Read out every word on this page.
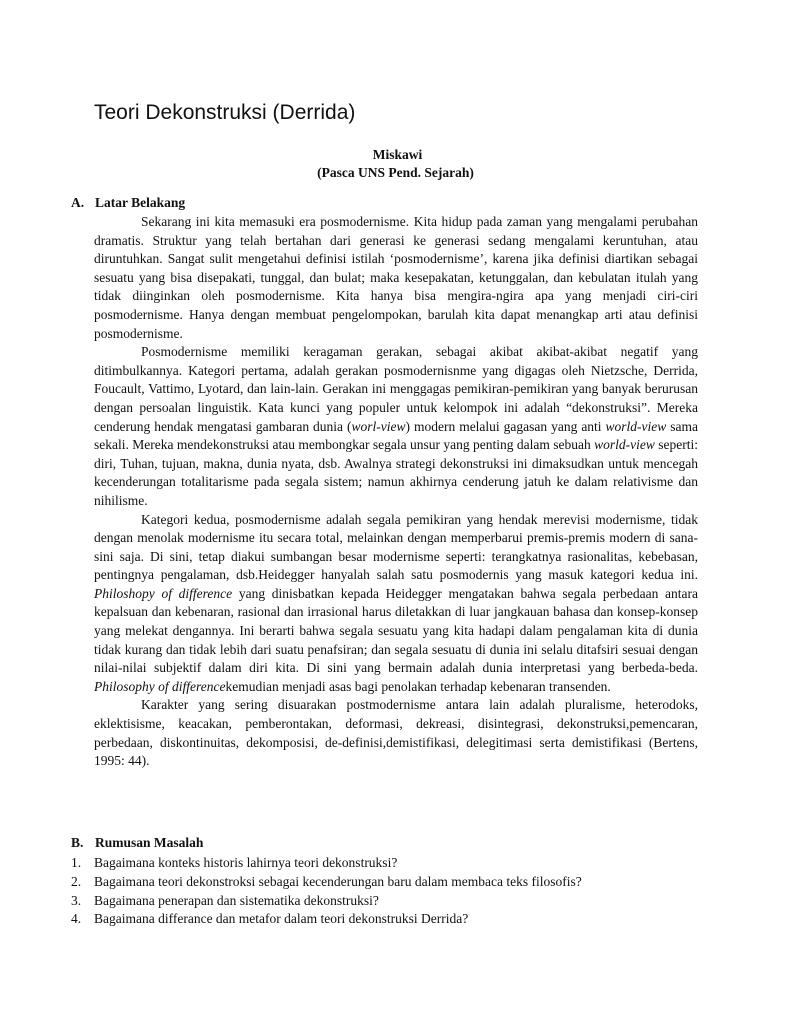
Teori Dekonstruksi (Derrida)

Miskawi

(Pasca UNS Pend. Sejarah)

A. Latar Belakang

Sekarang ini kita memasuki era posmodernisme. Kita hidup pada zaman yang mengalami perubahan dramatis. Struktur yang telah bertahan dari generasi ke generasi sedang mengalami keruntuhan, atau diruntuhkan. Sangat sulit mengetahui definisi istilah ‘posmodernisme’, karena jika definisi diartikan sebagai sesuatu yang bisa disepakati, tunggal, dan bulat; maka kesepakatan, ketunggalan, dan kebulatan itulah yang tidak diinginkan oleh posmodernisme. Kita hanya bisa mengira-ngira apa yang menjadi ciri-ciri posmodernisme. Hanya dengan membuat pengelompokan, barulah kita dapat menangkap arti atau definisi posmodernisme.

Posmodernisme memiliki keragaman gerakan, sebagai akibat akibat-akibat negatif yang ditimbulkannya. Kategori pertama, adalah gerakan posmodernisnme yang digagas oleh Nietzsche, Derrida, Foucault, Vattimo, Lyotard, dan lain-lain. Gerakan ini menggagas pemikiran-pemikiran yang banyak berurusan dengan persoalan linguistik. Kata kunci yang populer untuk kelompok ini adalah “dekonstruksi”. Mereka cenderung hendak mengatasi gambaran dunia (worl-view) modern melalui gagasan yang anti world-view sama sekali. Mereka mendekonstruksi atau membongkar segala unsur yang penting dalam sebuah world-view seperti: diri, Tuhan, tujuan, makna, dunia nyata, dsb. Awalnya strategi dekonstruksi ini dimaksudkan untuk mencegah kecenderungan totalitarisme pada segala sistem; namun akhirnya cenderung jatuh ke dalam relativisme dan nihilisme.

Kategori kedua, posmodernisme adalah segala pemikiran yang hendak merevisi modernisme, tidak dengan menolak modernisme itu secara total, melainkan dengan memperbarui premis-premis modern di sana-sini saja. Di sini, tetap diakui sumbangan besar modernisme seperti: terangkatnya rasionalitas, kebebasan, pentingnya pengalaman, dsb.Heidegger hanyalah salah satu posmodernis yang masuk kategori kedua ini. Philoshopy of difference yang dinisbatkan kepada Heidegger mengatakan bahwa segala perbedaan antara kepalsuan dan kebenaran, rasional dan irrasional harus diletakkan di luar jangkauan bahasa dan konsep-konsep yang melekat dengannya. Ini berarti bahwa segala sesuatu yang kita hadapi dalam pengalaman kita di dunia tidak kurang dan tidak lebih dari suatu penafsiran; dan segala sesuatu di dunia ini selalu ditafsiri sesuai dengan nilai-nilai subjektif dalam diri kita. Di sini yang bermain adalah dunia interpretasi yang berbeda-beda. Philosophy of differencekemudian menjadi asas bagi penolakan terhadap kebenaran transenden.

Karakter yang sering disuarakan postmodernisme antara lain adalah pluralisme, heterodoks, eklektisisme, keacakan, pemberontakan, deformasi, dekreasi, disintegrasi, dekonstruksi,pemencaran, perbedaan, diskontinuitas, dekomposisi, de-definisi,demistifikasi, delegitimasi serta demistifikasi (Bertens, 1995: 44).

B. Rumusan Masalah
1. Bagaimana konteks historis lahirnya teori dekonstruksi?
2. Bagaimana teori dekonstroksi sebagai kecenderungan baru dalam membaca teks filosofis?
3. Bagaimana penerapan dan sistematika dekonstruksi?
4. Bagaimana differance dan metafor dalam teori dekonstruksi Derrida?
